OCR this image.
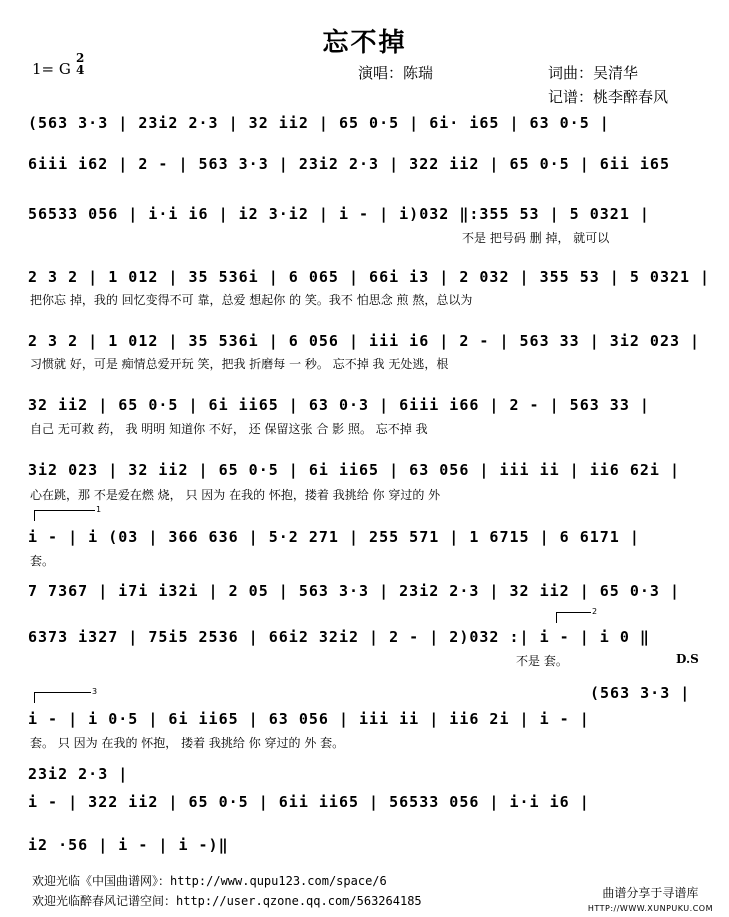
忘不掉
1= G
2
4	演唱：陈瑞	词曲：吴清华
记谱：桃李醉春风
(563 3·3 | 23i2 2·3 | 32 ii2 | 65 0·5 | 6i· i65 | 63 0·5 |
6iii i62 | 2 - | 563 3·3 | 23i2 2·3 | 322 ii2 | 65 0·5 | 6ii i65
56533 056 | i·i i6 | i2 3·i2 | i - | i)032 ‖:355 53 | 5 0321 |
不是 把号码 删 掉， 就可以
2 3 2 | 1 012 | 35 536i | 6 065 | 66i i3 | 2 032 | 355 53 | 5 0321 |
把你忘 掉，我的 回忆变得不可 靠，总爱 想起你 的 笑。我不 怕思念 煎 熬，总以为
2 3 2 | 1 012 | 35 536i | 6 056 | iii i6 | 2 - | 563 33 | 3i2 023 |
习惯就 好，可是 痴情总爱开玩 笑，把我 折磨每 一 秒。 忘不掉 我 无处逃，根
32 ii2 | 65 0·5 | 6i ii65 | 63 0·3 | 6iii i66 | 2 - | 563 33 |
自己 无可救 药， 我 明明 知道你 不好， 还 保留这张 合 影 照。 忘不掉 我
3i2 023 | 32 ii2 | 65 0·5 | 6i ii65 | 63 056 | iii ii | ii6 62i |
心在跳，那 不是爱在燃 烧， 只 因为 在我的 怀抱，搂着 我挑给 你 穿过的 外
1
i - | i (03 | 366 636 | 5·2 271 | 255 571 | 1 6715 | 6 6171 |
套。
7 7367 | i7i i32i | 2 05 | 563 3·3 | 23i2 2·3 | 32 ii2 | 65 0·3 |
2
6373 i327 | 75i5 2536 | 66i2 32i2 | 2 - | 2)032 :| i - | i 0 ‖
不是 套。	D.S
3	(563 3·3 |
i - | i 0·5 | 6i ii65 | 63 056 | iii ii | ii6 2i | i - |
套。 只 因为 在我的 怀抱， 搂着 我挑给 你 穿过的 外 套。
23i2 2·3 |
i - | 322 ii2 | 65 0·5 | 6ii ii65 | 56533 056 | i·i i6 |
i2 ·56 | i - | i -)‖
欢迎光临《中国曲谱网》：http://www.qupu123.com/space/6
欢迎光临醉春风记谱空间：http://user.qzone.qq.com/563264185
曲谱分享于寻谱库
HTTP://WWW.XUNPUKU.COM
